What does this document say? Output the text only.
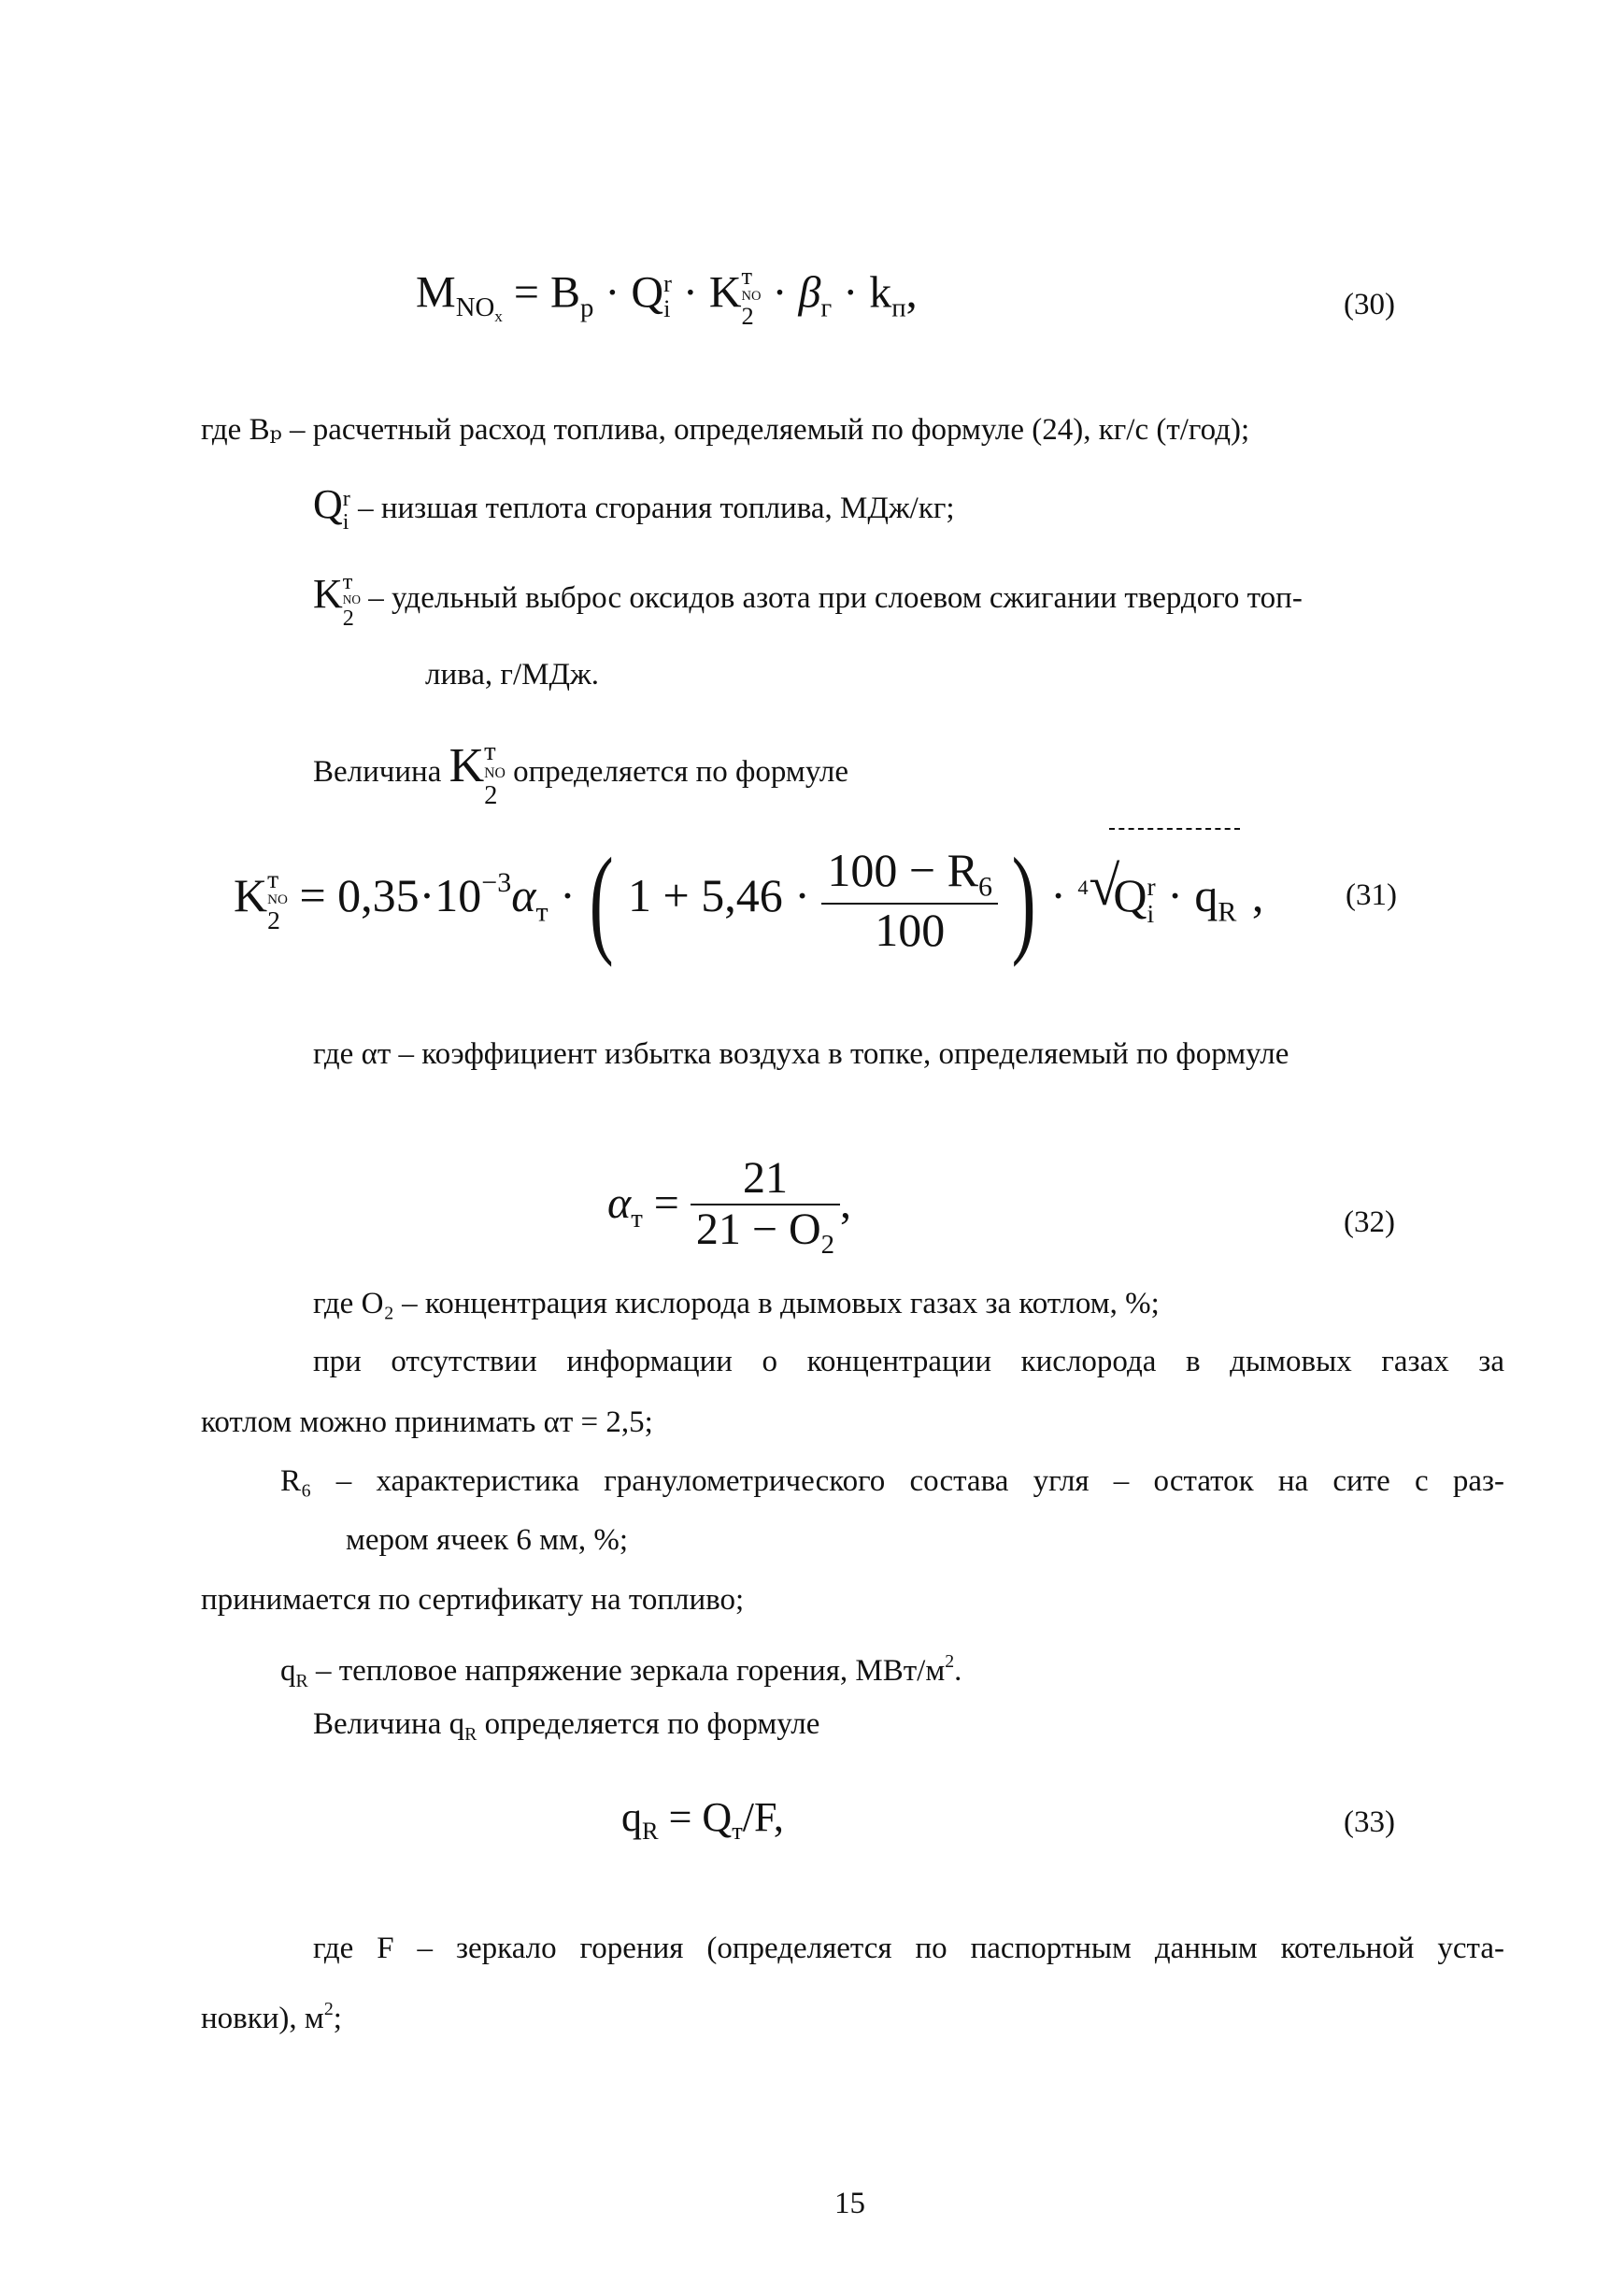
$M_{NO_x} = B_р \cdot Q$ r
i · K т
NO
$2 \cdot \beta_г \cdot k_п$,	(30)
где Bₚ – расчетный расход топлива, определяемый по формуле (24), кг/с (т/год);
Q r
i – низшая теплота сгорания топлива, МДж/кг;
K т
NO
2
– удельный выброс оксидов азота при слоевом сжигании твердого топ-
лива, г/МДж.
Величина K т
NO
2
определяется по формуле
K т
NO
$2 = 0,35\cdot 10^{-3}\alpha_т$ · ( $1 + 5,46 \cdot \frac{100 - R_6}{100}$ ) · 4 √
Q r
$i \cdot q_R$ ,	(31)
где αт – коэффициент избытка воздуха в топке, определяемый по формуле
$\alpha_т = \frac{21}{21 - O_2}$ ,	(32)
где O₂ – концентрация кислорода в дымовых газах за котлом, %;
при отсутствии информации о концентрации кислорода в дымовых газах за
котлом можно принимать αт = 2,5;
R₆ – характеристика гранулометрического состава угля – остаток на сите с раз-
мером ячеек 6 мм, %;
принимается по сертификату на топливо;
$q_R$ – тепловое напряжение зеркала горения, МВт/$м^2$.
Величина $q_R$ определяется по формуле
$q_R = Q_т/F$,	(33)
где F – зеркало горения (определяется по паспортным данным котельной уста-
новки), $м^2$;
15
